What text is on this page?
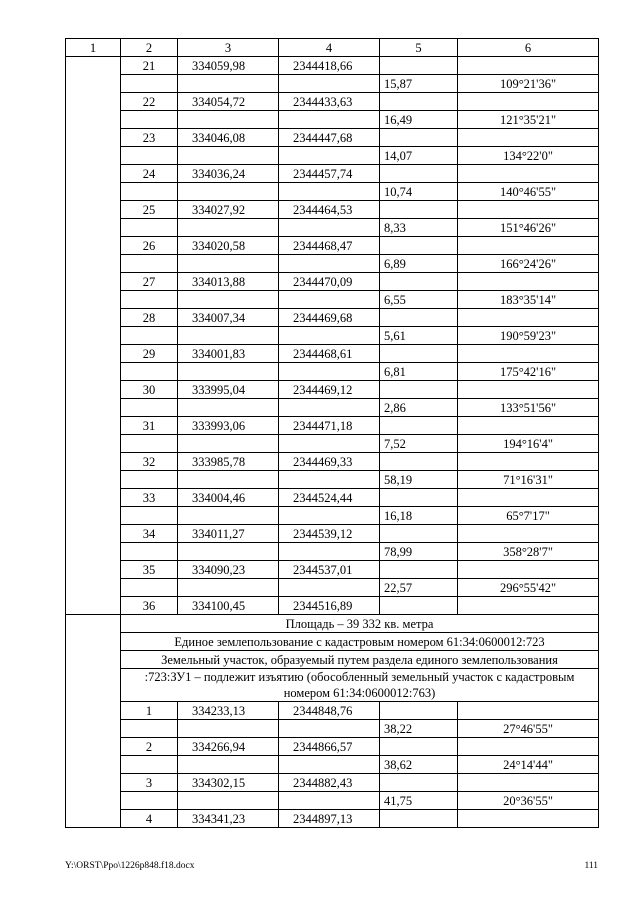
1	2	3	4	5	6
	21	334059,98	2344418,66		
				15,87	109°21'36"
	22	334054,72	2344433,63		
				16,49	121°35'21"
	23	334046,08	2344447,68		
				14,07	134°22'0"
	24	334036,24	2344457,74		
				10,74	140°46'55"
	25	334027,92	2344464,53		
				8,33	151°46'26"
	26	334020,58	2344468,47		
				6,89	166°24'26"
	27	334013,88	2344470,09		
				6,55	183°35'14"
	28	334007,34	2344469,68		
				5,61	190°59'23"
	29	334001,83	2344468,61		
				6,81	175°42'16"
	30	333995,04	2344469,12		
				2,86	133°51'56"
	31	333993,06	2344471,18		
				7,52	194°16'4"
	32	333985,78	2344469,33		
				58,19	71°16'31"
	33	334004,46	2344524,44		
				16,18	65°7'17"
	34	334011,27	2344539,12		
				78,99	358°28'7"
	35	334090,23	2344537,01		
				22,57	296°55'42"
	36	334100,45	2344516,89		
	Площадь – 39 332 кв. метра				
	Единое землепользование с кадастровым номером 61:34:0600012:723				
	Земельный участок, образуемый путем раздела единого землепользования				
	:723:ЗУ1 – подлежит изъятию (обособленный земельный участок с кадастровым номером 61:34:0600012:763)				
	1	334233,13	2344848,76		
				38,22	27°46'55"
	2	334266,94	2344866,57		
				38,62	24°14'44"
	3	334302,15	2344882,43		
				41,75	20°36'55"
	4	334341,23	2344897,13		
Y:\ORST\Ppo\1226p848.f18.docx	111
